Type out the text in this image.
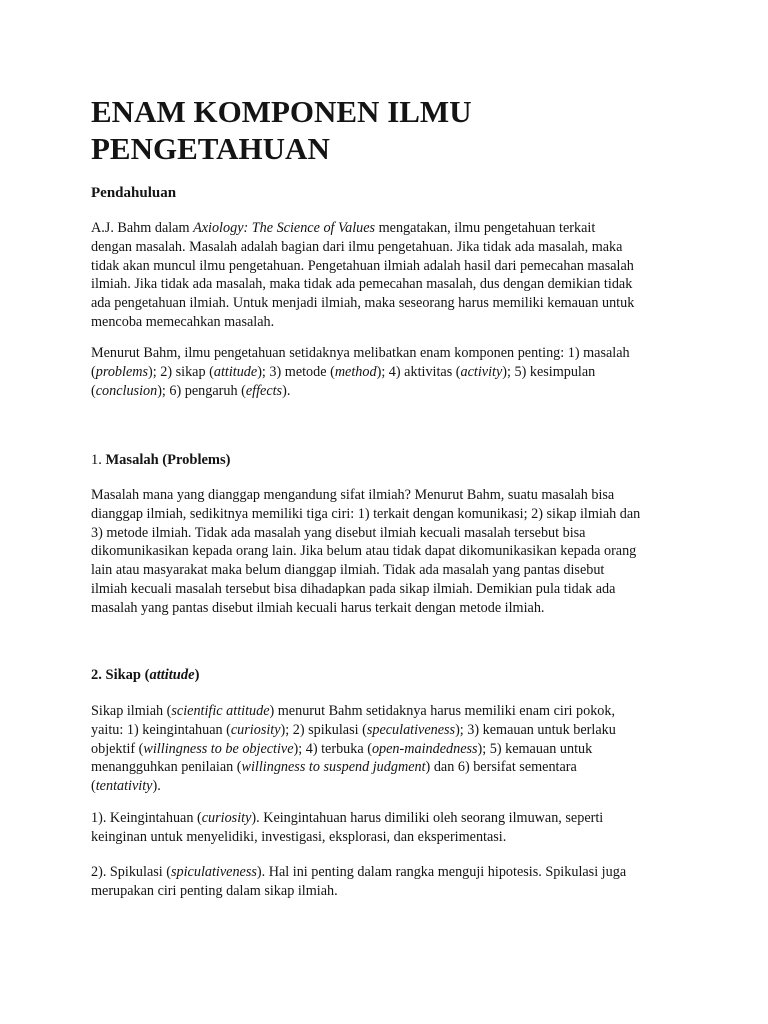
ENAM KOMPONEN ILMU
PENGETAHUAN

Pendahuluan

A.J. Bahm dalam Axiology: The Science of Values mengatakan, ilmu pengetahuan terkait
dengan masalah. Masalah adalah bagian dari ilmu pengetahuan. Jika tidak ada masalah, maka
tidak akan muncul ilmu pengetahuan. Pengetahuan ilmiah adalah hasil dari pemecahan masalah
ilmiah. Jika tidak ada masalah, maka tidak ada pemecahan masalah, dus dengan demikian tidak
ada pengetahuan ilmiah. Untuk menjadi ilmiah, maka seseorang harus memiliki kemauan untuk
mencoba memecahkan masalah.

Menurut Bahm, ilmu pengetahuan setidaknya melibatkan enam komponen penting: 1) masalah
(problems); 2) sikap (attitude); 3) metode (method); 4) aktivitas (activity); 5) kesimpulan
(conclusion); 6) pengaruh (effects).

1. Masalah (Problems)

Masalah mana yang dianggap mengandung sifat ilmiah? Menurut Bahm, suatu masalah bisa
dianggap ilmiah, sedikitnya memiliki tiga ciri: 1) terkait dengan komunikasi; 2) sikap ilmiah dan
3) metode ilmiah. Tidak ada masalah yang disebut ilmiah kecuali masalah tersebut bisa
dikomunikasikan kepada orang lain. Jika belum atau tidak dapat dikomunikasikan kepada orang
lain atau masyarakat maka belum dianggap ilmiah. Tidak ada masalah yang pantas disebut
ilmiah kecuali masalah tersebut bisa dihadapkan pada sikap ilmiah. Demikian pula tidak ada
masalah yang pantas disebut ilmiah kecuali harus terkait dengan metode ilmiah.

2. Sikap (attitude)

Sikap ilmiah (scientific attitude) menurut Bahm setidaknya harus memiliki enam ciri pokok,
yaitu: 1) keingintahuan (curiosity); 2) spikulasi (speculativeness); 3) kemauan untuk berlaku
objektif (willingness to be objective); 4) terbuka (open-maindedness); 5) kemauan untuk
menangguhkan penilaian (willingness to suspend judgment) dan 6) bersifat sementara
(tentativity).

1). Keingintahuan (curiosity). Keingintahuan harus dimiliki oleh seorang ilmuwan, seperti
keinginan untuk menyelidiki, investigasi, eksplorasi, dan eksperimentasi.

2). Spikulasi (spiculativeness). Hal ini penting dalam rangka menguji hipotesis. Spikulasi juga
merupakan ciri penting dalam sikap ilmiah.
